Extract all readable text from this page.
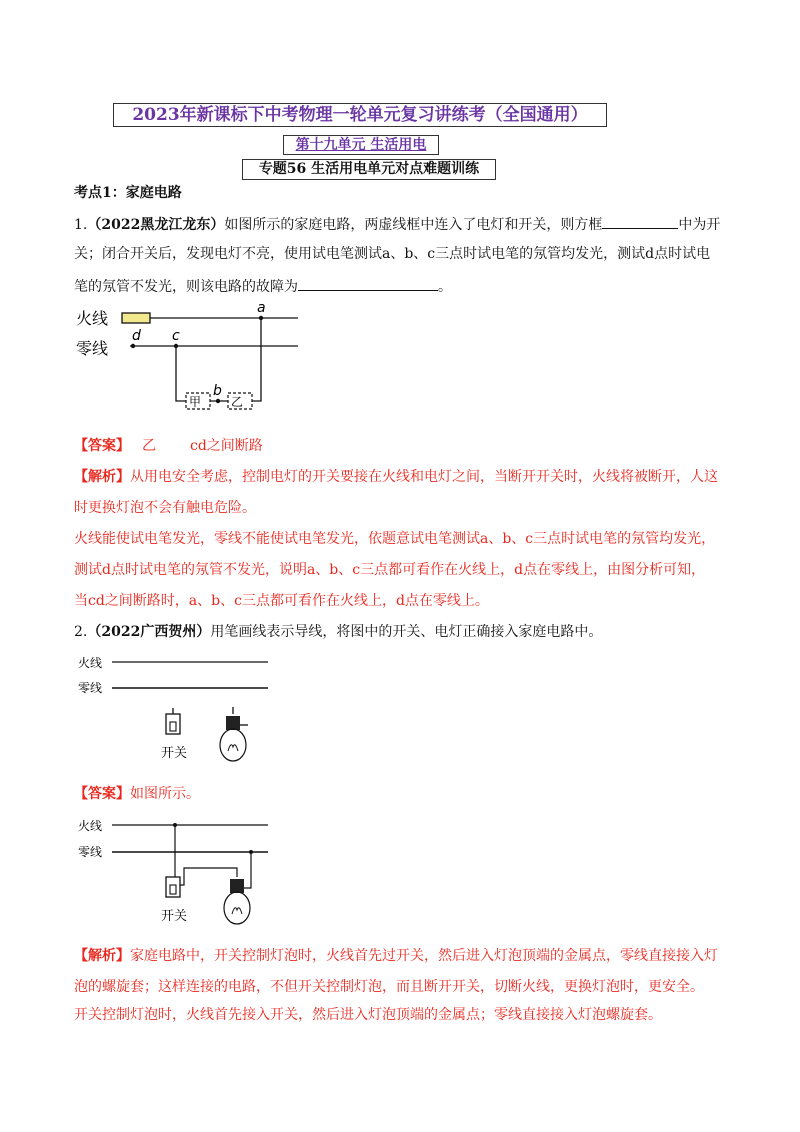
2023年新课标下中考物理一轮单元复习讲练考（全国通用）
第十九单元 生活用电
专题56 生活用电单元对点难题训练
考点1：家庭电路
1.（2022黑龙江龙东）如图所示的家庭电路，两虚线框中连入了电灯和开关，则方框	中为开
关；闭合开关后，发现电灯不亮，使用试电笔测试a、b、c三点时试电笔的氖管均发光，测试d点时试电
笔的氖管不发光，则该电路的故障为	。
火线
零线
d c
a
甲
b
乙
【答案】 乙 cd之间断路
【解析】从用电安全考虑，控制电灯的开关要接在火线和电灯之间，当断开开关时，火线将被断开，人这
时更换灯泡不会有触电危险。
火线能使试电笔发光，零线不能使试电笔发光，依题意试电笔测试a、b、c三点时试电笔的氖管均发光，
测试d点时试电笔的氖管不发光，说明a、b、c三点都可看作在火线上，d点在零线上，由图分析可知，
当cd之间断路时，a、b、c三点都可看作在火线上，d点在零线上。
2.（2022广西贺州）用笔画线表示导线，将图中的开关、电灯正确接入家庭电路中。
火线
零线
开关
【答案】如图所示。
火线
零线
开关
【解析】家庭电路中，开关控制灯泡时，火线首先过开关，然后进入灯泡顶端的金属点，零线直接接入灯
泡的螺旋套；这样连接的电路，不但开关控制灯泡，而且断开开关，切断火线，更换灯泡时，更安全。
开关控制灯泡时，火线首先接入开关，然后进入灯泡顶端的金属点；零线直接接入灯泡螺旋套。
